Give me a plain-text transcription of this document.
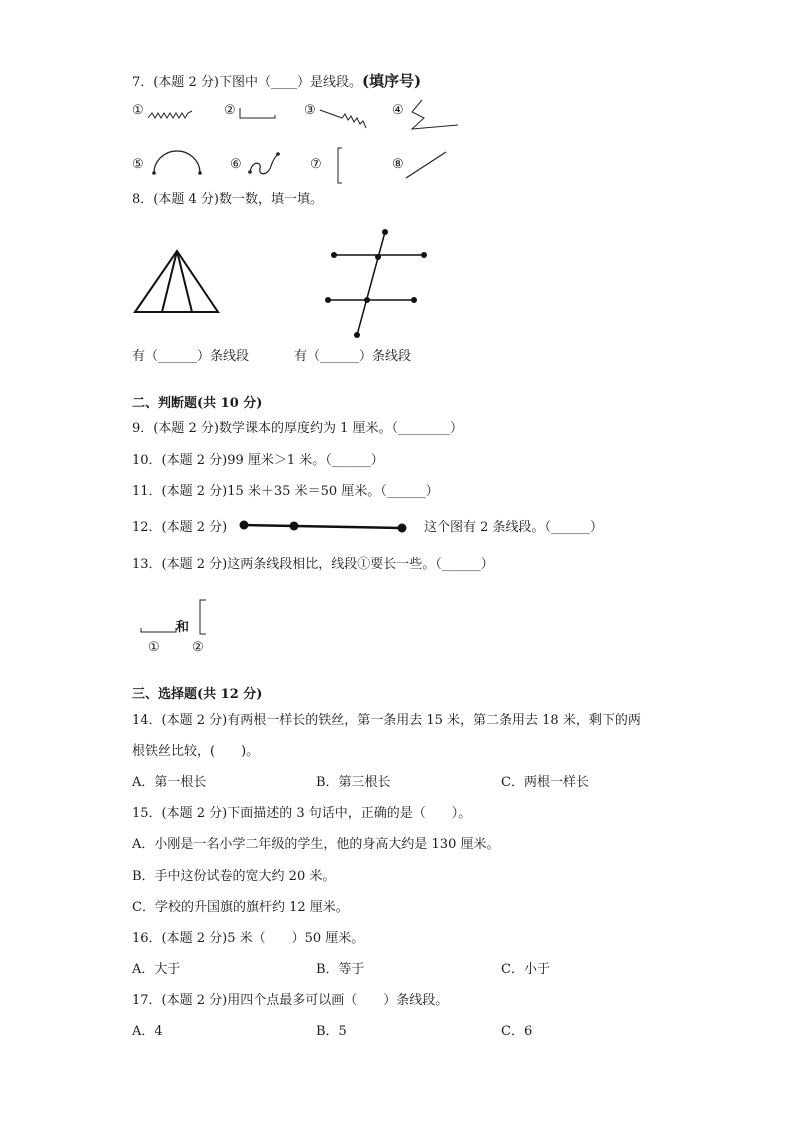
7．(本题 2 分)下图中（____）是线段。(填序号)
①	②	③	④
⑤	⑥	⑦	⑧
8．(本题 4 分)数一数，填一填。
有（______）条线段	有（______）条线段
二、判断题(共 10 分)
9．(本题 2 分)数学课本的厚度约为 1 厘米。（________）
10．(本题 2 分)99 厘米＞1 米。（______）
11．(本题 2 分)15 米＋35 米＝50 厘米。（______）
12．(本题 2 分)	这个图有 2 条线段。（______）
13．(本题 2 分)这两条线段相比，线段①要长一些。（______）
和
① ②
三、选择题(共 12 分)
14．(本题 2 分)有两根一样长的铁丝，第一条用去 15 米，第二条用去 18 米，剩下的两
根铁丝比较，(　　)。
A．第一根长	B．第三根长	C．两根一样长
15．(本题 2 分)下面描述的 3 句话中，正确的是（　　）。
A．小刚是一名小学二年级的学生，他的身高大约是 130 厘米。
B．手中这份试卷的宽大约 20 米。
C．学校的升国旗的旗杆约 12 厘米。
16．(本题 2 分)5 米（　　）50 厘米。
A．大于	B．等于	C．小于
17．(本题 2 分)用四个点最多可以画（　　）条线段。
A．4	B．5	C．6
